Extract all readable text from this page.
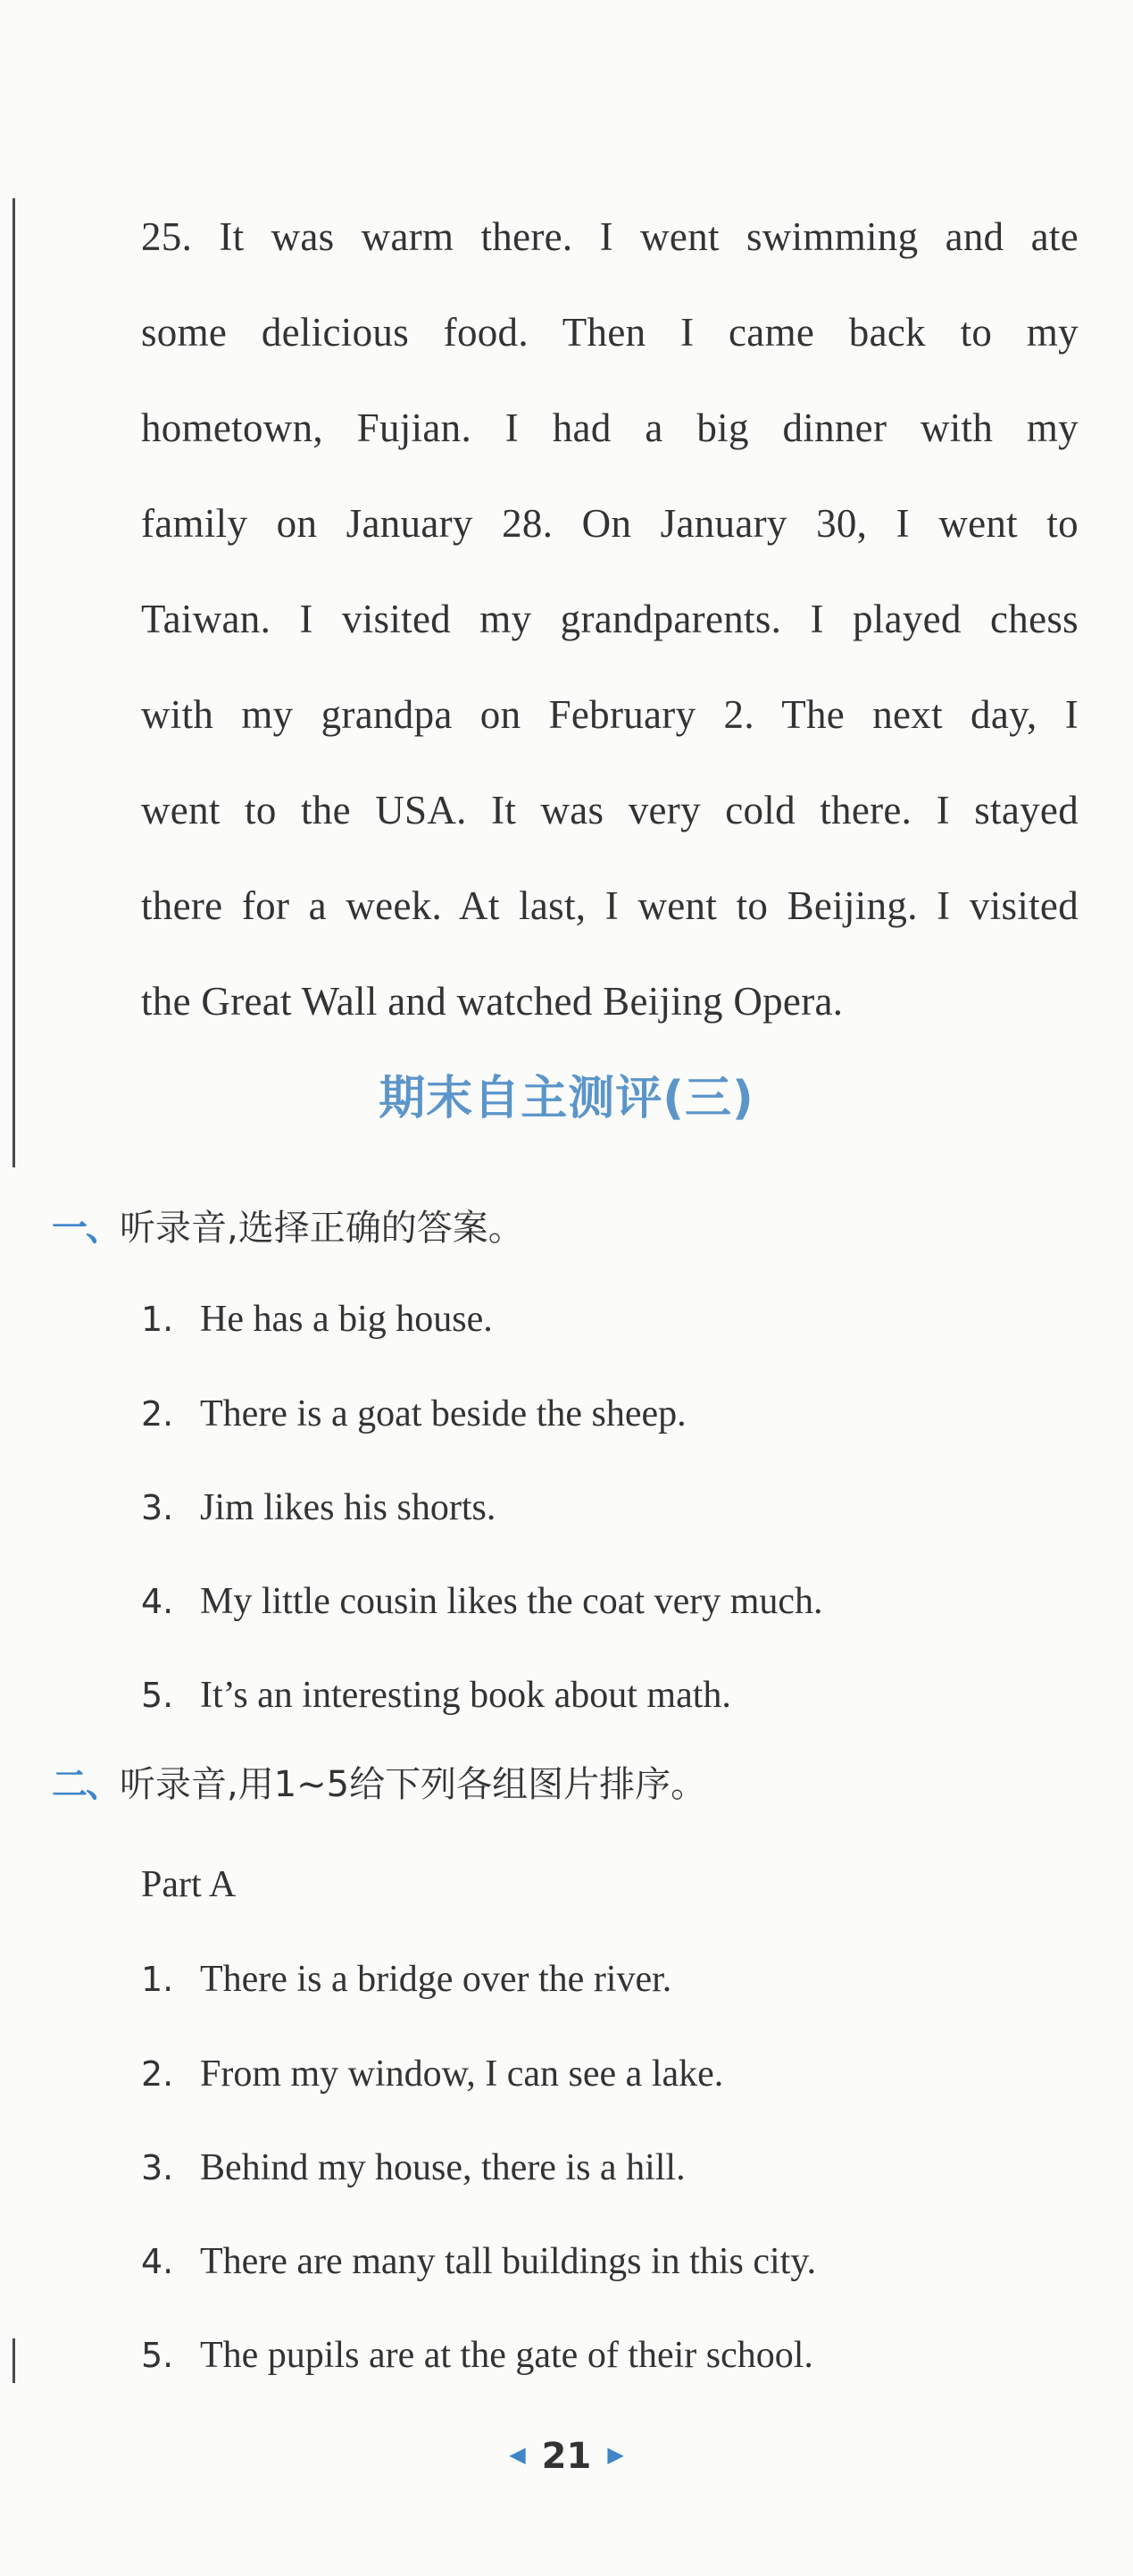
25. It was warm there. I went swimming and ate
some delicious food. Then I came back to my
hometown, Fujian. I had a big dinner with my
family on January 28. On January 30, I went to
Taiwan. I visited my grandparents. I played chess
with my grandpa on February 2. The next day, I
went to the USA. It was very cold there. I stayed
there for a week. At last, I went to Beijing. I visited
the Great Wall and watched Beijing Opera.
期末自主测评(三)
一、听录音,选择正确的答案。
1. He has a big house.
2. There is a goat beside the sheep.
3. Jim likes his shorts.
4. My little cousin likes the coat very much.
5. It’s an interesting book about math.
二、听录音,用1~5给下列各组图片排序。
Part A
1. There is a bridge over the river.
2. From my window, I can see a lake.
3. Behind my house, there is a hill.
4. There are many tall buildings in this city.
5. The pupils are at the gate of their school.
◀ 21 ▶
